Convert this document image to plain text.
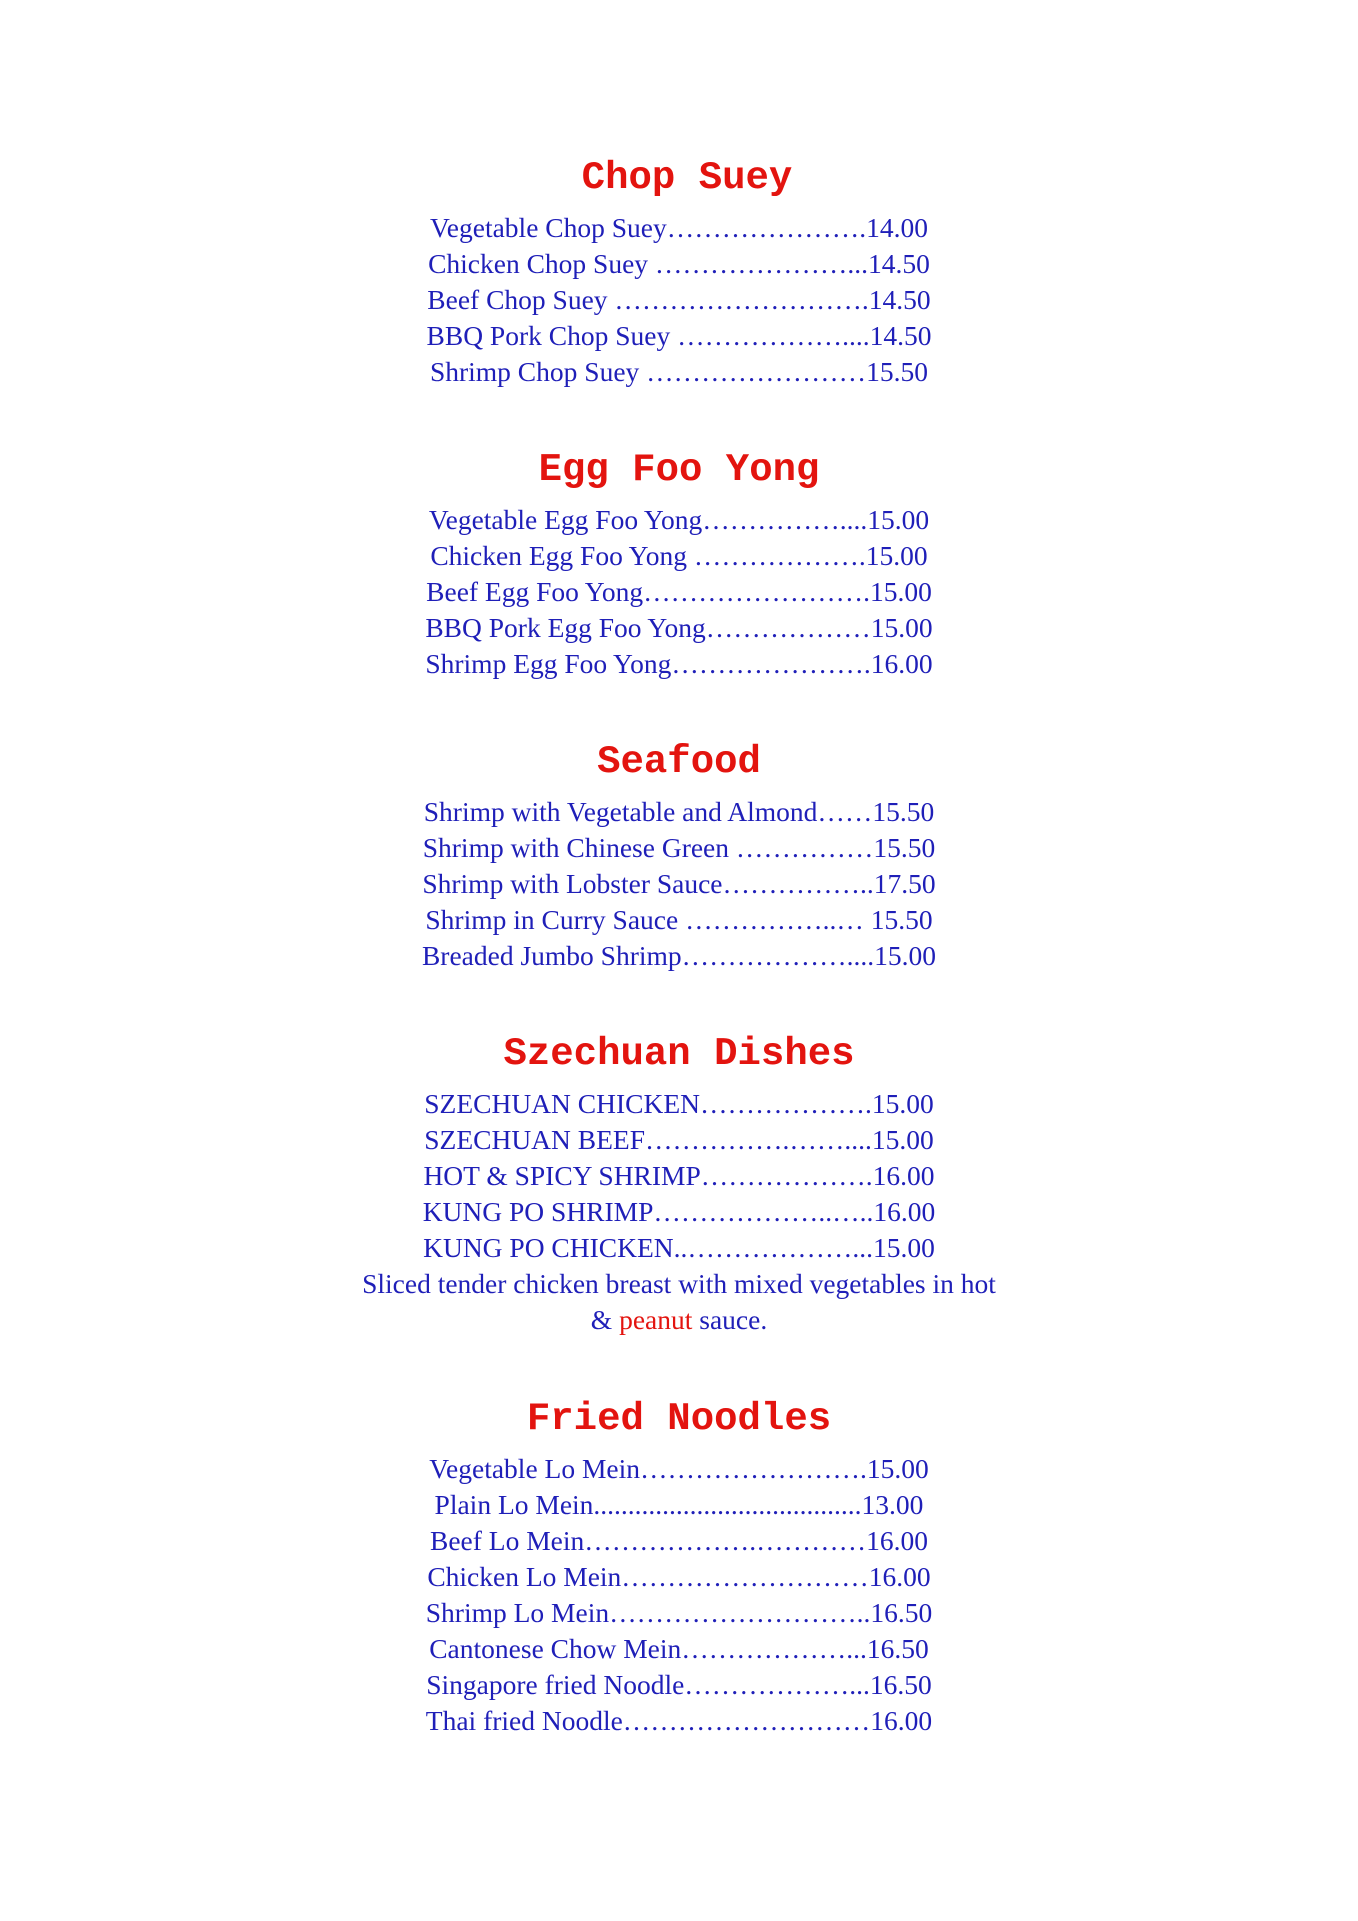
Chop Suey
Vegetable Chop Suey………………….14.00
Chicken Chop Suey …………………...14.50
Beef Chop Suey ……………………….14.50
BBQ Pork Chop Suey ………………....14.50
Shrimp Chop Suey ……………………15.50
Egg Foo Yong
Vegetable Egg Foo Yong……………....15.00
Chicken Egg Foo Yong ……………….15.00
Beef Egg Foo Yong…………………….15.00
BBQ Pork Egg Foo Yong………………15.00
Shrimp Egg Foo Yong………………….16.00
Seafood
Shrimp with Vegetable and Almond……15.50
Shrimp with Chinese Green ……………15.50
Shrimp with Lobster Sauce……………..17.50
Shrimp in Curry Sauce ……………..… 15.50
Breaded Jumbo Shrimp………………....15.00
Szechuan Dishes
SZECHUAN CHICKEN……………….15.00
SZECHUAN BEEF…………….……....15.00
HOT & SPICY SHRIMP……………….16.00
KUNG PO SHRIMP………………..…..16.00
KUNG PO CHICKEN..………………...15.00
Sliced tender chicken breast with mixed vegetables in hot
& peanut sauce.
Fried Noodles
Vegetable Lo Mein…………………….15.00
Plain Lo Mein.......................................13.00
Beef Lo Mein……………….…………16.00
Chicken Lo Mein………………………16.00
Shrimp Lo Mein………………………..16.50
Cantonese Chow Mein………………...16.50
Singapore fried Noodle………………...16.50
Thai fried Noodle………………………16.00
